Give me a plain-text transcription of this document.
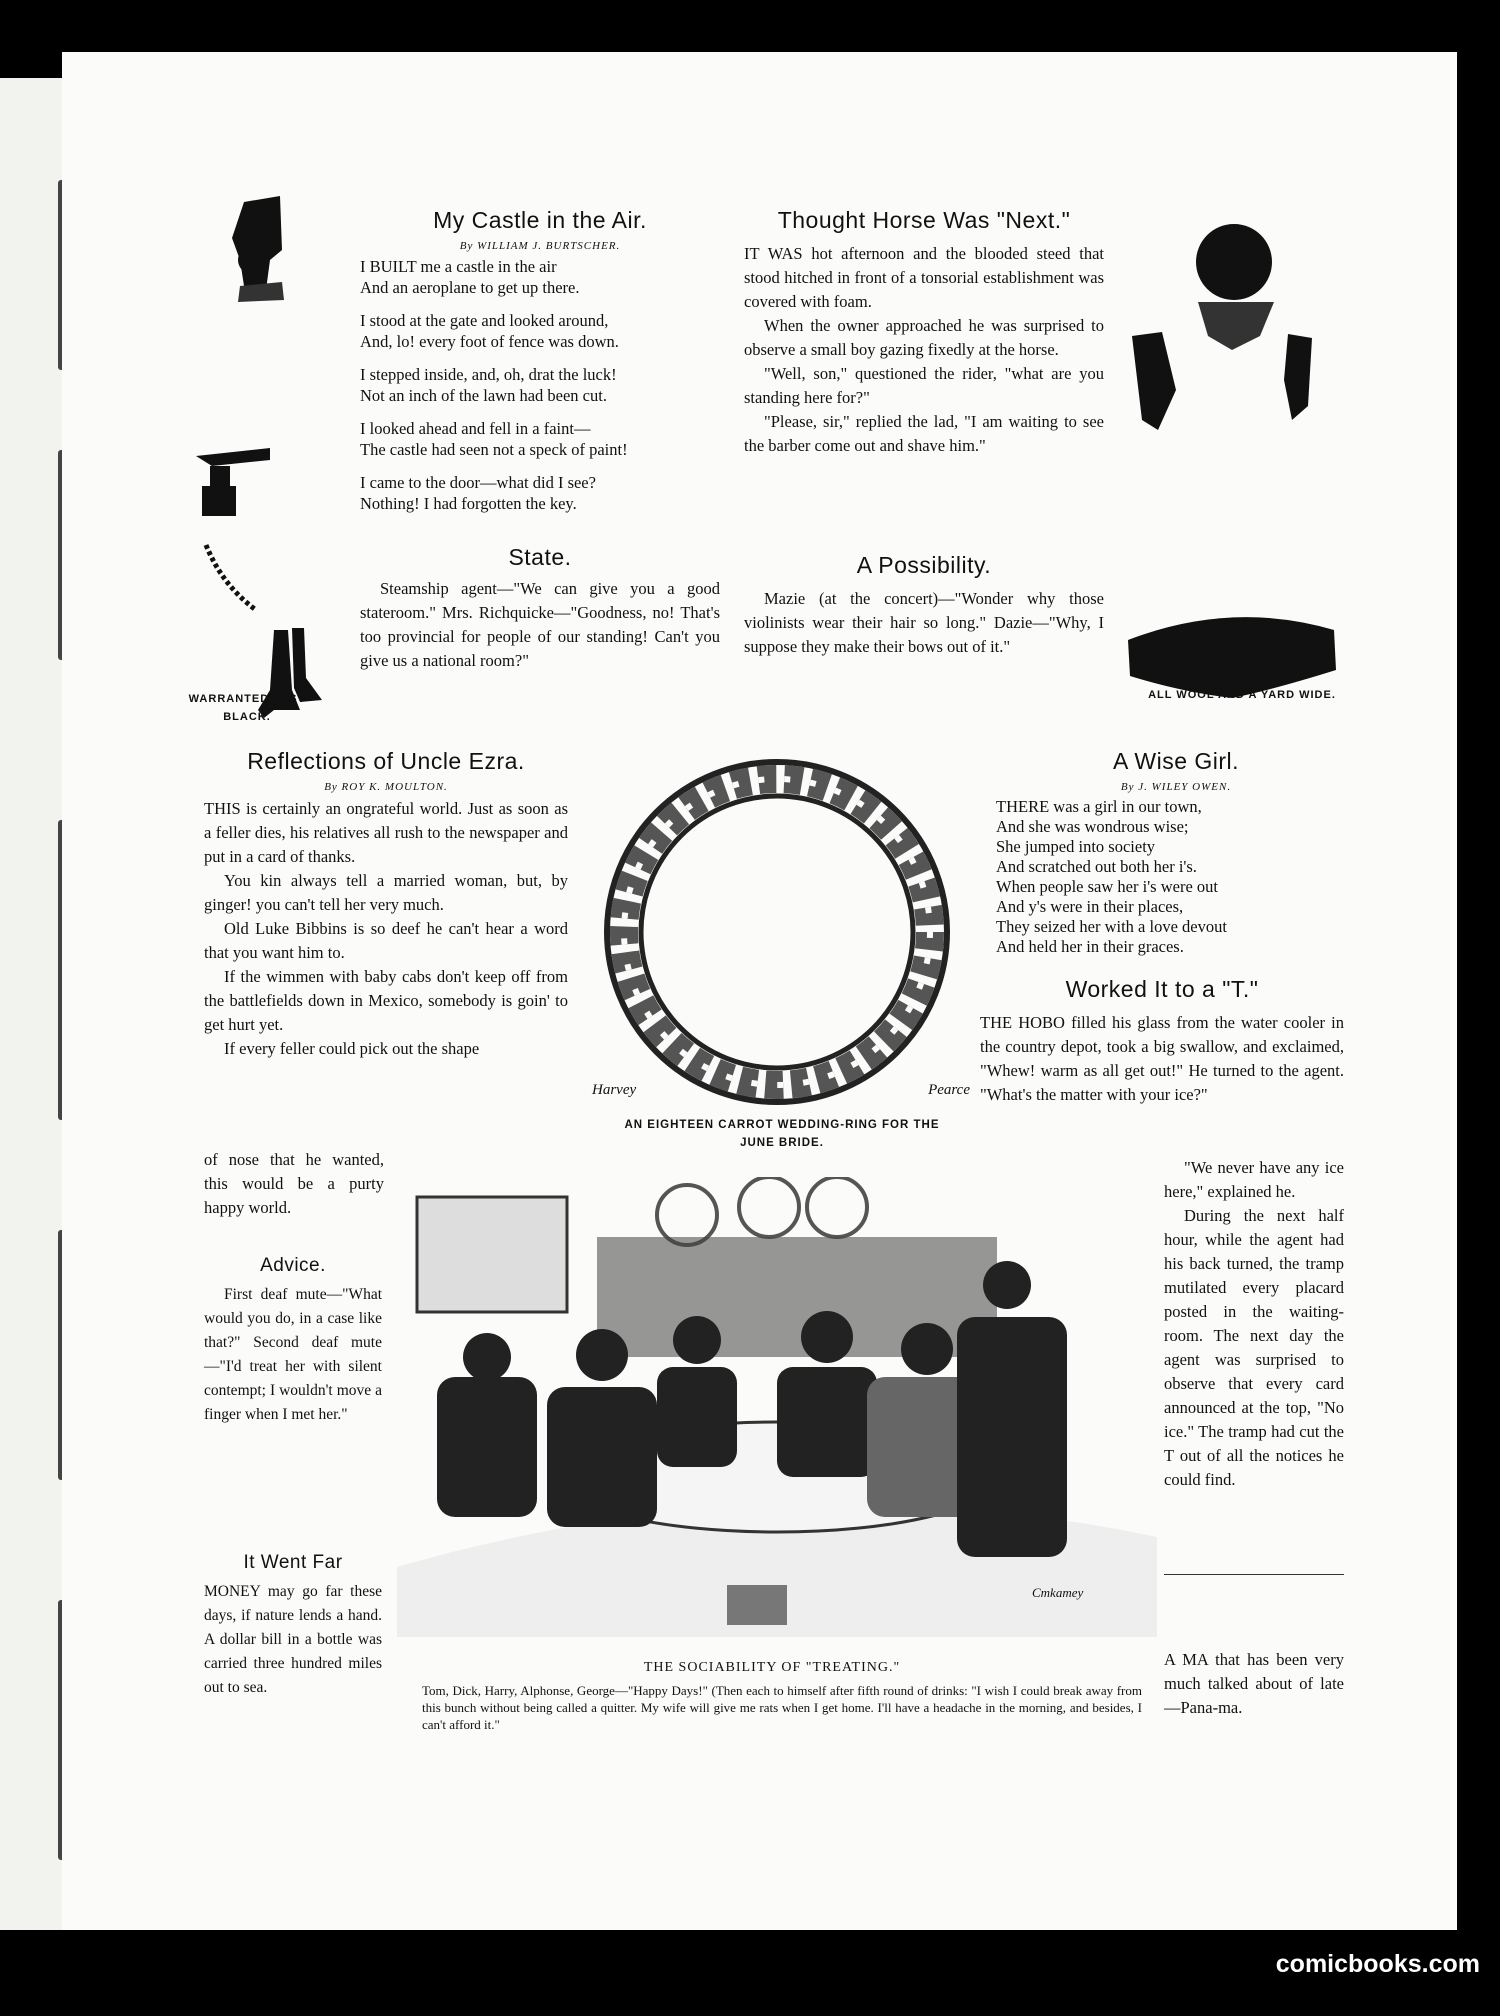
WARRANTED FAST BLACK.
ALL WOOL AND A YARD WIDE.
My Castle in the Air.
By WILLIAM J. BURTSCHER.

I BUILT me a castle in the air
And an aeroplane to get up there.

I stood at the gate and looked around,
And, lo! every foot of fence was down.

I stepped inside, and, oh, drat the luck!
Not an inch of the lawn had been cut.

I looked ahead and fell in a faint—
The castle had seen not a speck of paint!

I came to the door—what did I see?
Nothing! I had forgotten the key.

State.

Steamship agent—"We can give you a good stateroom." Mrs. Richquicke—"Goodness, no! That's too provincial for people of our standing! Can't you give us a national room?"

Thought Horse Was "Next."

IT WAS hot afternoon and the blooded steed that stood hitched in front of a tonsorial establishment was covered with foam.

When the owner approached he was surprised to observe a small boy gazing fixedly at the horse.

"Well, son," questioned the rider, "what are you standing here for?"

"Please, sir," replied the lad, "I am waiting to see the barber come out and shave him."

A Possibility.

Mazie (at the concert)—"Wonder why those violinists wear their hair so long." Dazie—"Why, I suppose they make their bows out of it."

Reflections of Uncle Ezra.
By ROY K. MOULTON.

THIS is certainly an ongrateful world. Just as soon as a feller dies, his relatives all rush to the newspaper and put in a card of thanks.

You kin always tell a married woman, but, by ginger! you can't tell her very much.

Old Luke Bibbins is so deef he can't hear a word that you want him to.

If the wimmen with baby cabs don't keep off from the battlefields down in Mexico, somebody is goin' to get hurt yet.

If every feller could pick out the shape

of nose that he wanted, this would be a purty happy world.

Advice.

First deaf mute—"What would you do, in a case like that?" Second deaf mute—"I'd treat her with silent contempt; I wouldn't move a finger when I met her."

It Went Far

MONEY may go far these days, if nature lends a hand. A dollar bill in a bottle was carried three hundred miles out to sea.

Harvey	Pearce
AN EIGHTEEN CARROT WEDDING-RING FOR THE JUNE BRIDE.
A Wise Girl.
By J. WILEY OWEN.

THERE was a girl in our town,
And she was wondrous wise;
She jumped into society
And scratched out both her i's.
When people saw her i's were out
And y's were in their places,
They seized her with a love devout
And held her in their graces.

Worked It to a "T."

THE HOBO filled his glass from the water cooler in the country depot, took a big swallow, and exclaimed, "Whew! warm as all get out!" He turned to the agent. "What's the matter with your ice?"

"We never have any ice here," explained he.

During the next half hour, while the agent had his back turned, the tramp mutilated every placard posted in the waiting-room. The next day the agent was surprised to observe that every card announced at the top, "No ice." The tramp had cut the T out of all the notices he could find.

A MA that has been very much talked about of late—Pana-ma.

Cmkamey
THE SOCIABILITY OF "TREATING."
Tom, Dick, Harry, Alphonse, George—"Happy Days!" (Then each to himself after fifth round of drinks: "I wish I could break away from this bunch without being called a quitter. My wife will give me rats when I get home. I'll have a headache in the morning, and besides, I can't afford it."
comicbooks.com
